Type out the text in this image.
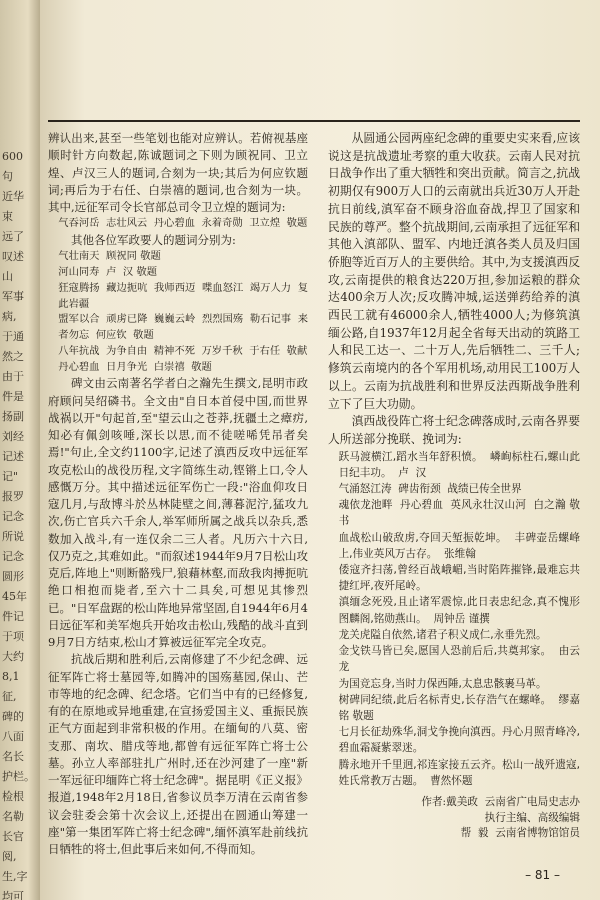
600
句
近华
束
远了
叹述
山
军事
病,
于通
然之
由于
件是
扬副
刘经
记述
记"
报罗
记念
所说
记念
圆形
45年
件记
于项
大约
8,1
征,
碑的
八面
名长
护栏。
检根
名勒
长官
阅,
生,字
均可

辨认出来,甚至一些笔划也能对应辨认。若俯视基座顺时针方向数起,陈诚题词之下则为顾祝同、卫立煌、卢汉三人的题词,合刻为一块;其后为何应钦题词;再后为于右任、白崇禧的题词,也合刻为一块。其中,远征军司令长官部总司令卫立煌的题词为:

气吞河岳  志壮风云  丹心碧血  永着奇勋  卫立煌  敬题

其他各位军政要人的题词分别为:

气壮南天  顾祝同 敬题

河山同寿  卢  汉 敬题

狂寇腾扬  藏边扼吭  我师西迈  喋血怒江  竭万人力  复此岩疆

盟军以合  顽虏已降  巍巍云岭  烈烈国殇  勒石记事  来者勿忘  何应钦  敬题

八年抗战  为争自由  精神不死  万岁千秋  于右任  敬献

丹心碧血  日月争光  白崇禧  敬题

碑文由云南著名学者白之瀚先生撰文,昆明市政府顾问吴绍磷书。全文由"自日本首侵中国,而世界战祸以开"句起首,至"望云山之苍莽,抚疆土之瘴疠,知必有佩剑咳唾,深长以思,而不徒嗟唏凭吊者矣焉!"句止,全文约1100字,记述了滇西反攻中远征军攻克松山的战役历程,文字简练生动,铿锵上口,令人感慨万分。其中描述远征军伤亡一段:"浴血仰攻日寇几月,与敌博斗於丛林陡壁之间,薄暮泥泞,猛攻九次,伤亡官兵六千余人,举军师所属之战兵以杂兵,悉数加入战斗,有一连仅余二三人者。凡历六十六日,仅乃克之,其难如此。"而叙述1944年9月7日松山攻克后,阵地上"则断骼残尸,狼藉林壑,而敌我肉搏扼吭绝口相抱而毙者,至六十二具矣,可想见其惨烈已。"日军盘踞的松山阵地异常坚固,自1944年6月4日远征军和美军炮兵开始攻击松山,残酷的战斗直到9月7日方结束,松山才算被远征军完全攻克。

抗战后期和胜利后,云南修建了不少纪念碑、远征军阵亡将士墓园等,如腾冲的国殇墓园,保山、芒市等地的纪念碑、纪念塔。它们当中有的已经修复,有的在原地或异地重建,在宣扬爱国主义、重振民族正气方面起到非常积极的作用。在缅甸的八莫、密支那、南坎、腊戌等地,都曾有远征军阵亡将士公墓。孙立人率部驻扎广州时,还在沙河建了一座"新一军远征印缅阵亡将士纪念碑"。据昆明《正义报》报道,1948年2月18日,省参议员李万清在云南省参议会驻委会第十次会议上,还提出在圆通山筹建一座"第一集团军阵亡将士纪念碑",缅怀滇军赴前线抗日牺牲的将士,但此事后来如何,不得而知。

从圆通公园两座纪念碑的重要史实来看,应该说这是抗战遗址考察的重大收获。云南人民对抗日战争作出了重大牺牲和突出贡献。简言之,抗战初期仅有900万人口的云南就出兵近30万人开赴抗日前线,滇军奋不顾身浴血奋战,捍卫了国家和民族的尊严。整个抗战期间,云南承担了远征军和其他入滇部队、盟军、内地迁滇各类人员及归国侨胞等近百万人的主要供给。其中,为支援滇西反攻,云南提供的粮食达220万担,参加运粮的群众达400余万人次;反攻腾冲城,运送弹药给养的滇西民工就有46000余人,牺牲4000人;为修筑滇缅公路,自1937年12月起全省每天出动的筑路工人和民工达一、二十万人,先后牺牲二、三千人;修筑云南境内的各个军用机场,动用民工100万人以上。云南为抗战胜利和世界反法西斯战争胜利立下了巨大功勋。

滇西战役阵亡将士纪念碑落成时,云南各界要人所送部分挽联、挽词为:

跃马渡横江,蹈水当年舒积愤。  嶙峋标柱石,螺山此日纪丰功。  卢  汉

气涌怒江涛  碑齿衔颈  战绩已传全世界

魂依龙池畔  丹心碧血  英风永壮汉山河  白之瀚 敬书

血战松山破敌虏,夺回天堑振乾坤。  丰碑壶岳螺峰上,伟业英风万古存。  张维翰

倭寇齐扫荡,曾经百战峨嵋,当时陷阵摧锋,最难忘共捷红坪,夜歼尾岭。

滇缅念死殁,且止诸军震惊,此日表忠纪念,真不愧形图麟阁,铭勋燕山。  周钟岳 谨撰

龙关虎隘自依然,诸君子积义成仁,永垂先烈。

金戈铁马皆已矣,愿国人恐前后后,共奠邦家。  由云龙

为国竞忘身,当时力保西陲,太息忠骸裹马革。

树碑同纪绩,此后名标青史,长存浩气在螺峰。  缪嘉铭 敬题

七月长征劫殊华,洞戈争挽向滇西。丹心月照青峰冷,碧血霜凝紫翠迷。

腾永地开千里迥,祁连家接五云齐。松山一战歼遗寇,姓氏常教万古题。  曹然怀题

作者:戴美政  云南省广电局史志办

执行主编、高级编辑

帮  毅  云南省博物馆馆员

– 81 –
